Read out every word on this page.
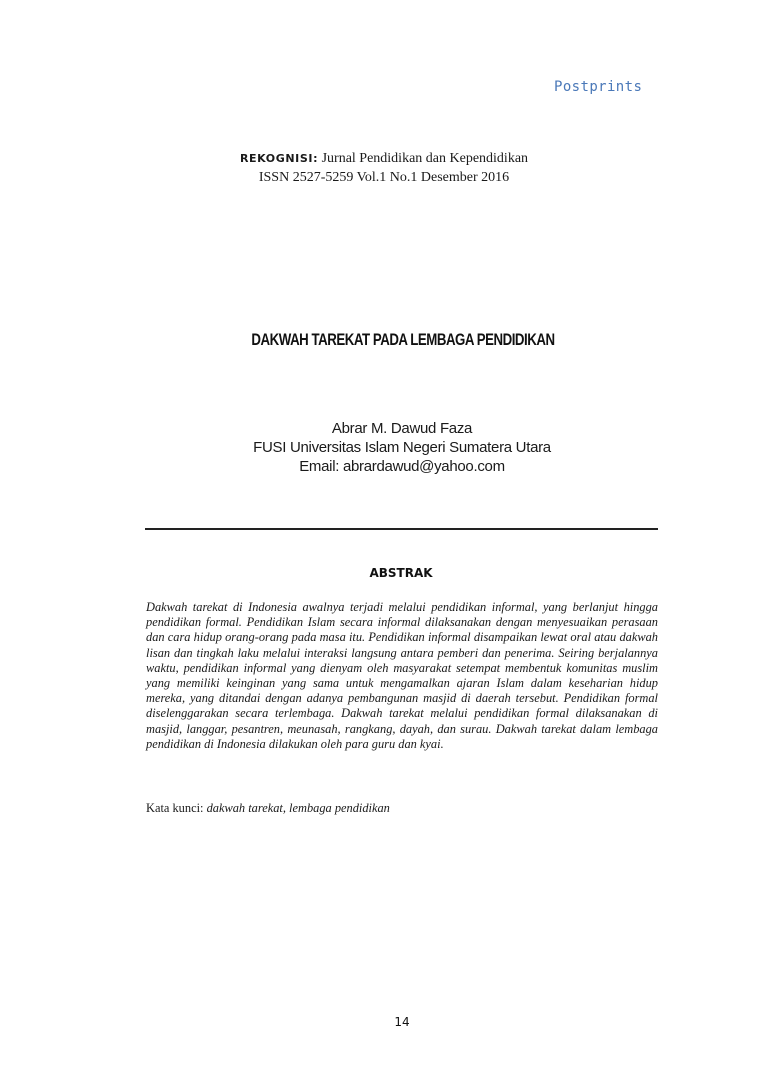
Postprints
REKOGNISI: Jurnal Pendidikan dan Kependidikan
ISSN 2527-5259 Vol.1 No.1 Desember 2016
DAKWAH TAREKAT PADA LEMBAGA PENDIDIKAN
Abrar M. Dawud Faza
FUSI Universitas Islam Negeri Sumatera Utara
Email: abrardawud@yahoo.com
ABSTRAK

Dakwah tarekat di Indonesia awalnya terjadi melalui pendidikan informal, yang berlanjut hingga pendidikan formal. Pendidikan Islam secara informal dilaksanakan dengan menyesuaikan perasaan dan cara hidup orang-orang pada masa itu. Pendidikan informal disampaikan lewat oral atau dakwah lisan dan tingkah laku melalui interaksi langsung antara pemberi dan penerima. Seiring berjalannya waktu, pendidikan informal yang dienyam oleh masyarakat setempat membentuk komunitas muslim yang memiliki keinginan yang sama untuk mengamalkan ajaran Islam dalam keseharian hidup mereka, yang ditandai dengan adanya pembangunan masjid di daerah tersebut. Pendidikan formal diselenggarakan secara terlembaga. Dakwah tarekat melalui pendidikan formal dilaksanakan di masjid, langgar, pesantren, meunasah, rangkang, dayah, dan surau. Dakwah tarekat dalam lembaga pendidikan di Indonesia dilakukan oleh para guru dan kyai.

Kata kunci: dakwah tarekat, lembaga pendidikan
14
